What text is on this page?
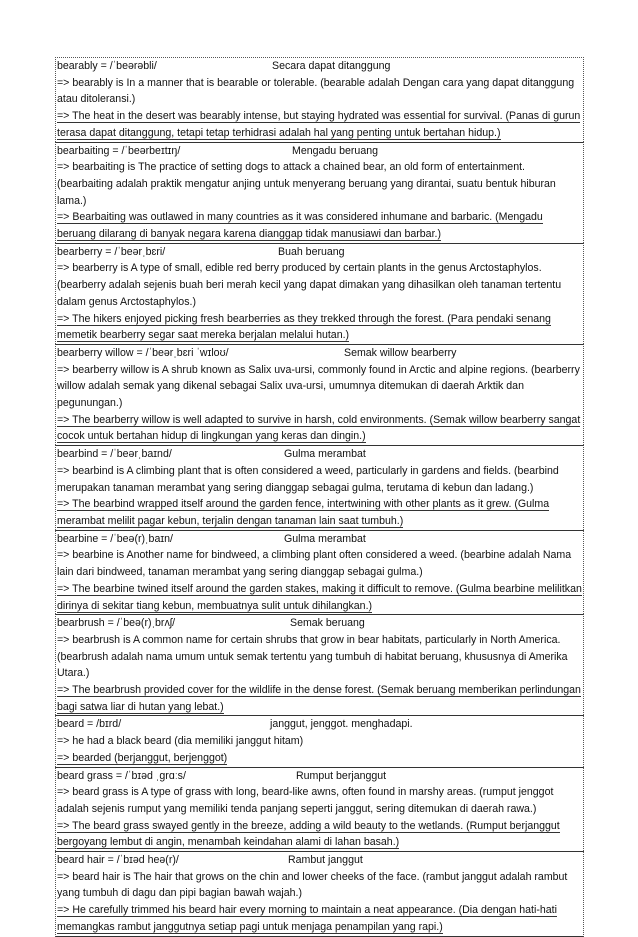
bearably = /ˈbeərəbli/	Secara dapat ditanggung
=> bearably is In a manner that is bearable or tolerable. (bearable adalah Dengan cara yang dapat ditanggung atau ditoleransi.)
=> The heat in the desert was bearably intense, but staying hydrated was essential for survival. (Panas di gurun terasa dapat ditanggung, tetapi tetap terhidrasi adalah hal yang penting untuk bertahan hidup.)
bearbaiting = /ˈbeərbeɪtɪŋ/	Mengadu beruang
=> bearbaiting is The practice of setting dogs to attack a chained bear, an old form of entertainment. (bearbaiting adalah praktik mengatur anjing untuk menyerang beruang yang dirantai, suatu bentuk hiburan lama.)
=> Bearbaiting was outlawed in many countries as it was considered inhumane and barbaric. (Mengadu beruang dilarang di banyak negara karena dianggap tidak manusiawi dan barbar.)
bearberry = /ˈbeərˌbɛri/	Buah beruang
=> bearberry is A type of small, edible red berry produced by certain plants in the genus Arctostaphylos. (bearberry adalah sejenis buah beri merah kecil yang dapat dimakan yang dihasilkan oleh tanaman tertentu dalam genus Arctostaphylos.)
=> The hikers enjoyed picking fresh bearberries as they trekked through the forest. (Para pendaki senang memetik bearberry segar saat mereka berjalan melalui hutan.)
bearberry willow = /ˈbeərˌbɛri ˈwɪloʊ/	Semak willow bearberry
=> bearberry willow is A shrub known as Salix uva-ursi, commonly found in Arctic and alpine regions. (bearberry willow adalah semak yang dikenal sebagai Salix uva-ursi, umumnya ditemukan di daerah Arktik dan pegunungan.)
=> The bearberry willow is well adapted to survive in harsh, cold environments. (Semak willow bearberry sangat cocok untuk bertahan hidup di lingkungan yang keras dan dingin.)
bearbind = /ˈbeərˌbaɪnd/	Gulma merambat
=> bearbind is A climbing plant that is often considered a weed, particularly in gardens and fields. (bearbind merupakan tanaman merambat yang sering dianggap sebagai gulma, terutama di kebun dan ladang.)
=> The bearbind wrapped itself around the garden fence, intertwining with other plants as it grew. (Gulma merambat melilit pagar kebun, terjalin dengan tanaman lain saat tumbuh.)
bearbine = /ˈbeə(r)ˌbaɪn/	Gulma merambat
=> bearbine is Another name for bindweed, a climbing plant often considered a weed. (bearbine adalah Nama lain dari bindweed, tanaman merambat yang sering dianggap sebagai gulma.)
=> The bearbine twined itself around the garden stakes, making it difficult to remove. (Gulma bearbine melilitkan dirinya di sekitar tiang kebun, membuatnya sulit untuk dihilangkan.)
bearbrush = /ˈbeə(r)ˌbrʌʃ/	Semak beruang
=> bearbrush is A common name for certain shrubs that grow in bear habitats, particularly in North America. (bearbrush adalah nama umum untuk semak tertentu yang tumbuh di habitat beruang, khususnya di Amerika Utara.)
=> The bearbrush provided cover for the wildlife in the dense forest. (Semak beruang memberikan perlindungan bagi satwa liar di hutan yang lebat.)
beard = /bɪrd/	janggut, jenggot. menghadapi.
=> he had a black beard (dia memiliki janggut hitam)
=> bearded (berjanggut, berjenggot)
beard grass = /ˈbɪəd ˌɡrɑːs/	Rumput berjanggut
=> beard grass is A type of grass with long, beard-like awns, often found in marshy areas. (rumput jenggot adalah sejenis rumput yang memiliki tenda panjang seperti janggut, sering ditemukan di daerah rawa.)
=> The beard grass swayed gently in the breeze, adding a wild beauty to the wetlands. (Rumput berjanggut bergoyang lembut di angin, menambah keindahan alami di lahan basah.)
beard hair = /ˈbɪəd heə(r)/	Rambut janggut
=> beard hair is The hair that grows on the chin and lower cheeks of the face. (rambut janggut adalah rambut yang tumbuh di dagu dan pipi bagian bawah wajah.)
=> He carefully trimmed his beard hair every morning to maintain a neat appearance. (Dia dengan hati-hati memangkas rambut janggutnya setiap pagi untuk menjaga penampilan yang rapi.)
